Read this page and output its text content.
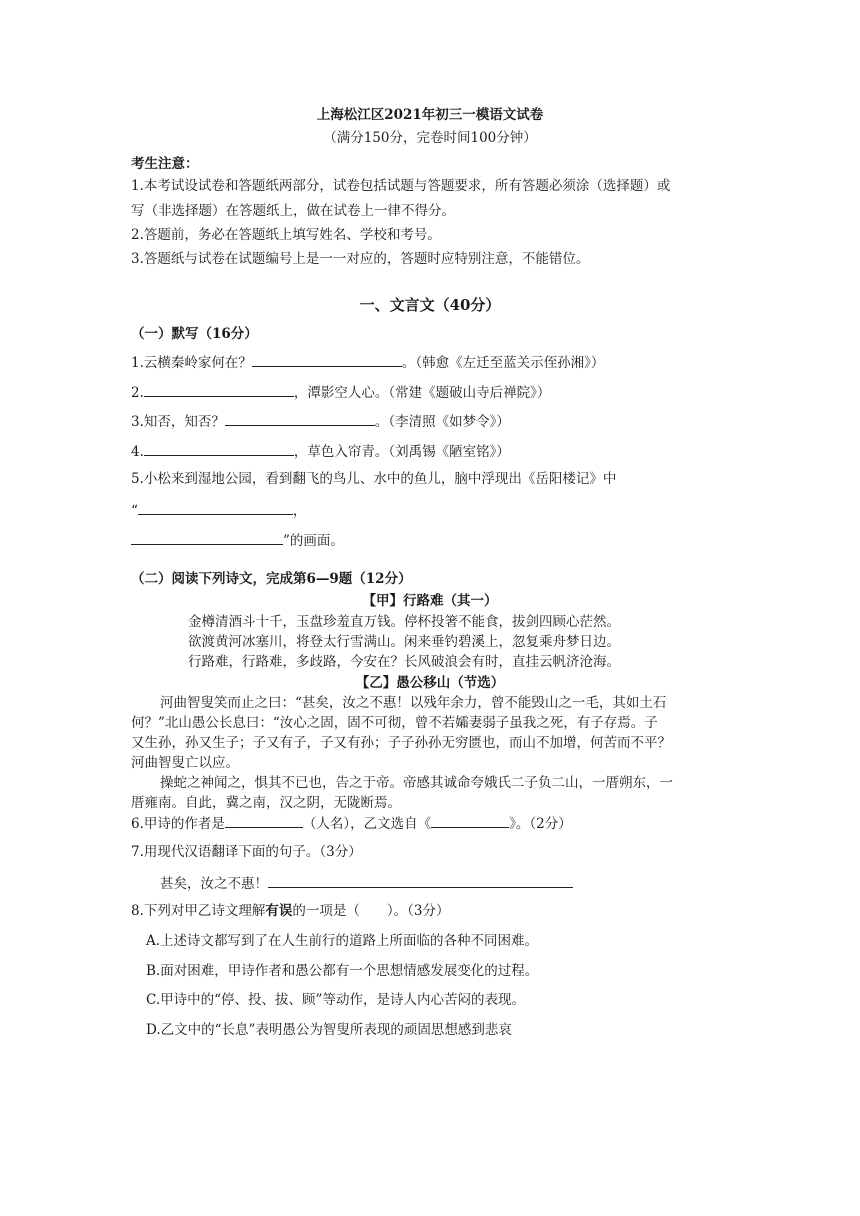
上海松江区2021年初三一模语文试卷
（满分150分，完卷时间100分钟）
考生注意：
1.本考试设试卷和答题纸两部分，试卷包括试题与答题要求，所有答题必须涂（选择题）或
写（非选择题）在答题纸上，做在试卷上一律不得分。
2.答题前，务必在答题纸上填写姓名、学校和考号。
3.答题纸与试卷在试题编号上是一一对应的，答题时应特别注意，不能错位。
一、文言文（40分）
（一）默写（16分）
1.云横秦岭家何在？	。（韩愈《左迁至蓝关示侄孙湘》）
2.	，潭影空人心。（常建《题破山寺后禅院》）
3.知否，知否？	。（李清照《如梦令》）
4.	，草色入帘青。（刘禹锡《陋室铭》）
5.小松来到湿地公园，看到翻飞的鸟儿、水中的鱼儿，脑中浮现出《岳阳楼记》中
“	，
”的画面。
（二）阅读下列诗文，完成第6—9题（12分）
【甲】行路难（其一）
金樽清酒斗十千，玉盘珍羞直万钱。停杯投箸不能食，拔剑四顾心茫然。
欲渡黄河冰塞川，将登太行雪满山。闲来垂钓碧溪上，忽复乘舟梦日边。
行路难，行路难，多歧路，今安在？长风破浪会有时，直挂云帆济沧海。
【乙】愚公移山（节选）
河曲智叟笑而止之曰：“甚矣，汝之不惠！以残年余力，曾不能毁山之一毛，其如土石
何？”北山愚公长息曰：“汝心之固，固不可彻，曾不若孀妻弱子虽我之死，有子存焉。子
又生孙，孙又生子；子又有子，子又有孙；子子孙孙无穷匮也，而山不加增，何苦而不平？
河曲智叟亡以应。
操蛇之神闻之，惧其不已也，告之于帝。帝感其诚命夸娥氏二子负二山，一厝朔东，一
厝雍南。自此，冀之南，汉之阴，无陇断焉。
6.甲诗的作者是	（人名），乙文选自《	》。（2分）
7.用现代汉语翻译下面的句子。（3分）
甚矣，汝之不惠！
8.下列对甲乙诗文理解有误的一项是（　　）。（3分）
A.上述诗文都写到了在人生前行的道路上所面临的各种不同困难。
B.面对困难，甲诗作者和愚公都有一个思想情感发展变化的过程。
C.甲诗中的“停、投、拔、顾”等动作，是诗人内心苦闷的表现。
D.乙文中的“长息”表明愚公为智叟所表现的顽固思想感到悲哀
